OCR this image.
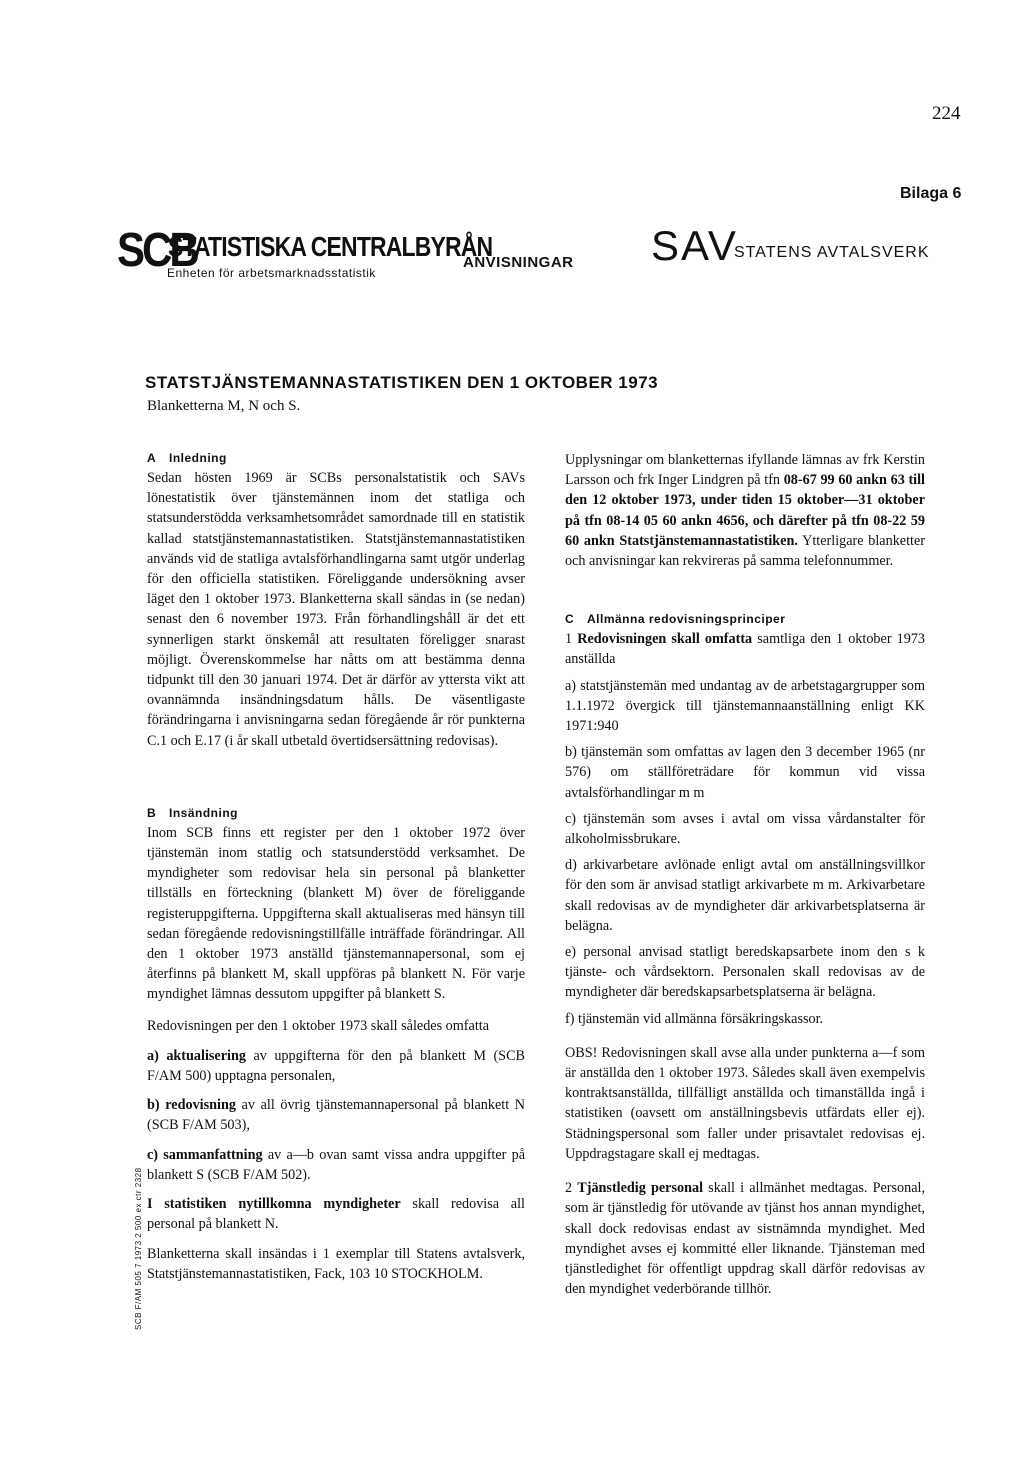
224
Bilaga 6
SCB
STATISTISKA CENTRALBYRÅN
Enheten för arbetsmarknadsstatistik
ANVISNINGAR SAV
STATENS AVTALSVERK
STATSTJÄNSTEMANNASTATISTIKEN DEN 1 OKTOBER 1973
Blanketterna M, N och S.
SCB F/AM 505 7 1973 2 500 ex ctr 2328

A Inledning

Sedan hösten 1969 är SCBs personalstatistik och SAVs lönestatistik över tjänstemännen inom det statliga och statsunderstödda verksamhetsområdet samordnade till en statistik kallad statstjänstemannastatistiken. Statstjänstemannastatistiken används vid de statliga avtalsförhandlingarna samt utgör underlag för den officiella statistiken. Föreliggande undersökning avser läget den 1 oktober 1973. Blanketterna skall sändas in (se nedan) senast den 6 november 1973. Från förhandlingshåll är det ett synnerligen starkt önskemål att resultaten föreligger snarast möjligt. Överenskommelse har nåtts om att bestämma denna tidpunkt till den 30 januari 1974. Det är därför av yttersta vikt att ovannämnda insändningsdatum hålls. De väsentligaste förändringarna i anvisningarna sedan föregående år rör punkterna C.1 och E.17 (i år skall utbetald övertidsersättning redovisas).

B Insändning

Inom SCB finns ett register per den 1 oktober 1972 över tjänstemän inom statlig och statsunderstödd verksamhet. De myndigheter som redovisar hela sin personal på blanketter tillställs en förteckning (blankett M) över de föreliggande registeruppgifterna. Uppgifterna skall aktualiseras med hänsyn till sedan föregående redovisningstillfälle inträffade förändringar. All den 1 oktober 1973 anställd tjänstemannapersonal, som ej återfinns på blankett M, skall uppföras på blankett N. För varje myndighet lämnas dessutom uppgifter på blankett S.

Redovisningen per den 1 oktober 1973 skall således omfatta

a) aktualisering av uppgifterna för den på blankett M (SCB F/AM 500) upptagna personalen,

b) redovisning av all övrig tjänstemannapersonal på blankett N (SCB F/AM 503),

c) sammanfattning av a—b ovan samt vissa andra uppgifter på blankett S (SCB F/AM 502).

I statistiken nytillkomna myndigheter skall redovisa all personal på blankett N.

Blanketterna skall insändas i 1 exemplar till Statens avtalsverk, Statstjänstemannastatistiken, Fack, 103 10 STOCKHOLM.

Upplysningar om blanketternas ifyllande lämnas av frk Kerstin Larsson och frk Inger Lindgren på tfn 08-67 99 60 ankn 63 till den 12 oktober 1973, under tiden 15 oktober—31 oktober på tfn 08-14 05 60 ankn 4656, och därefter på tfn 08-22 59 60 ankn Statstjänstemannastatistiken. Ytterligare blanketter och anvisningar kan rekvireras på samma telefonnummer.

C Allmänna redovisningsprinciper

1 Redovisningen skall omfatta samtliga den 1 oktober 1973 anställda

a) statstjänstemän med undantag av de arbetstagargrupper som 1.1.1972 övergick till tjänstemannaanställning enligt KK 1971:940

b) tjänstemän som omfattas av lagen den 3 december 1965 (nr 576) om ställföreträdare för kommun vid vissa avtalsförhandlingar m m

c) tjänstemän som avses i avtal om vissa vårdanstalter för alkoholmissbrukare.

d) arkivarbetare avlönade enligt avtal om anställningsvillkor för den som är anvisad statligt arkivarbete m m. Arkivarbetare skall redovisas av de myndigheter där arkivarbetsplatserna är belägna.

e) personal anvisad statligt beredskapsarbete inom den s k tjänste- och vårdsektorn. Personalen skall redovisas av de myndigheter där beredskapsarbetsplatserna är belägna.

f) tjänstemän vid allmänna försäkringskassor.

OBS! Redovisningen skall avse alla under punkterna a—f som är anställda den 1 oktober 1973. Således skall även exempelvis kontraktsanställda, tillfälligt anställda och timanställda ingå i statistiken (oavsett om anställningsbevis utfärdats eller ej). Städningspersonal som faller under prisavtalet redovisas ej. Uppdragstagare skall ej medtagas.

2 Tjänstledig personal skall i allmänhet medtagas. Personal, som är tjänstledig för utövande av tjänst hos annan myndighet, skall dock redovisas endast av sistnämnda myndighet. Med myndighet avses ej kommitté eller liknande. Tjänsteman med tjänstledighet för offentligt uppdrag skall därför redovisas av den myndighet vederbörande tillhör.
